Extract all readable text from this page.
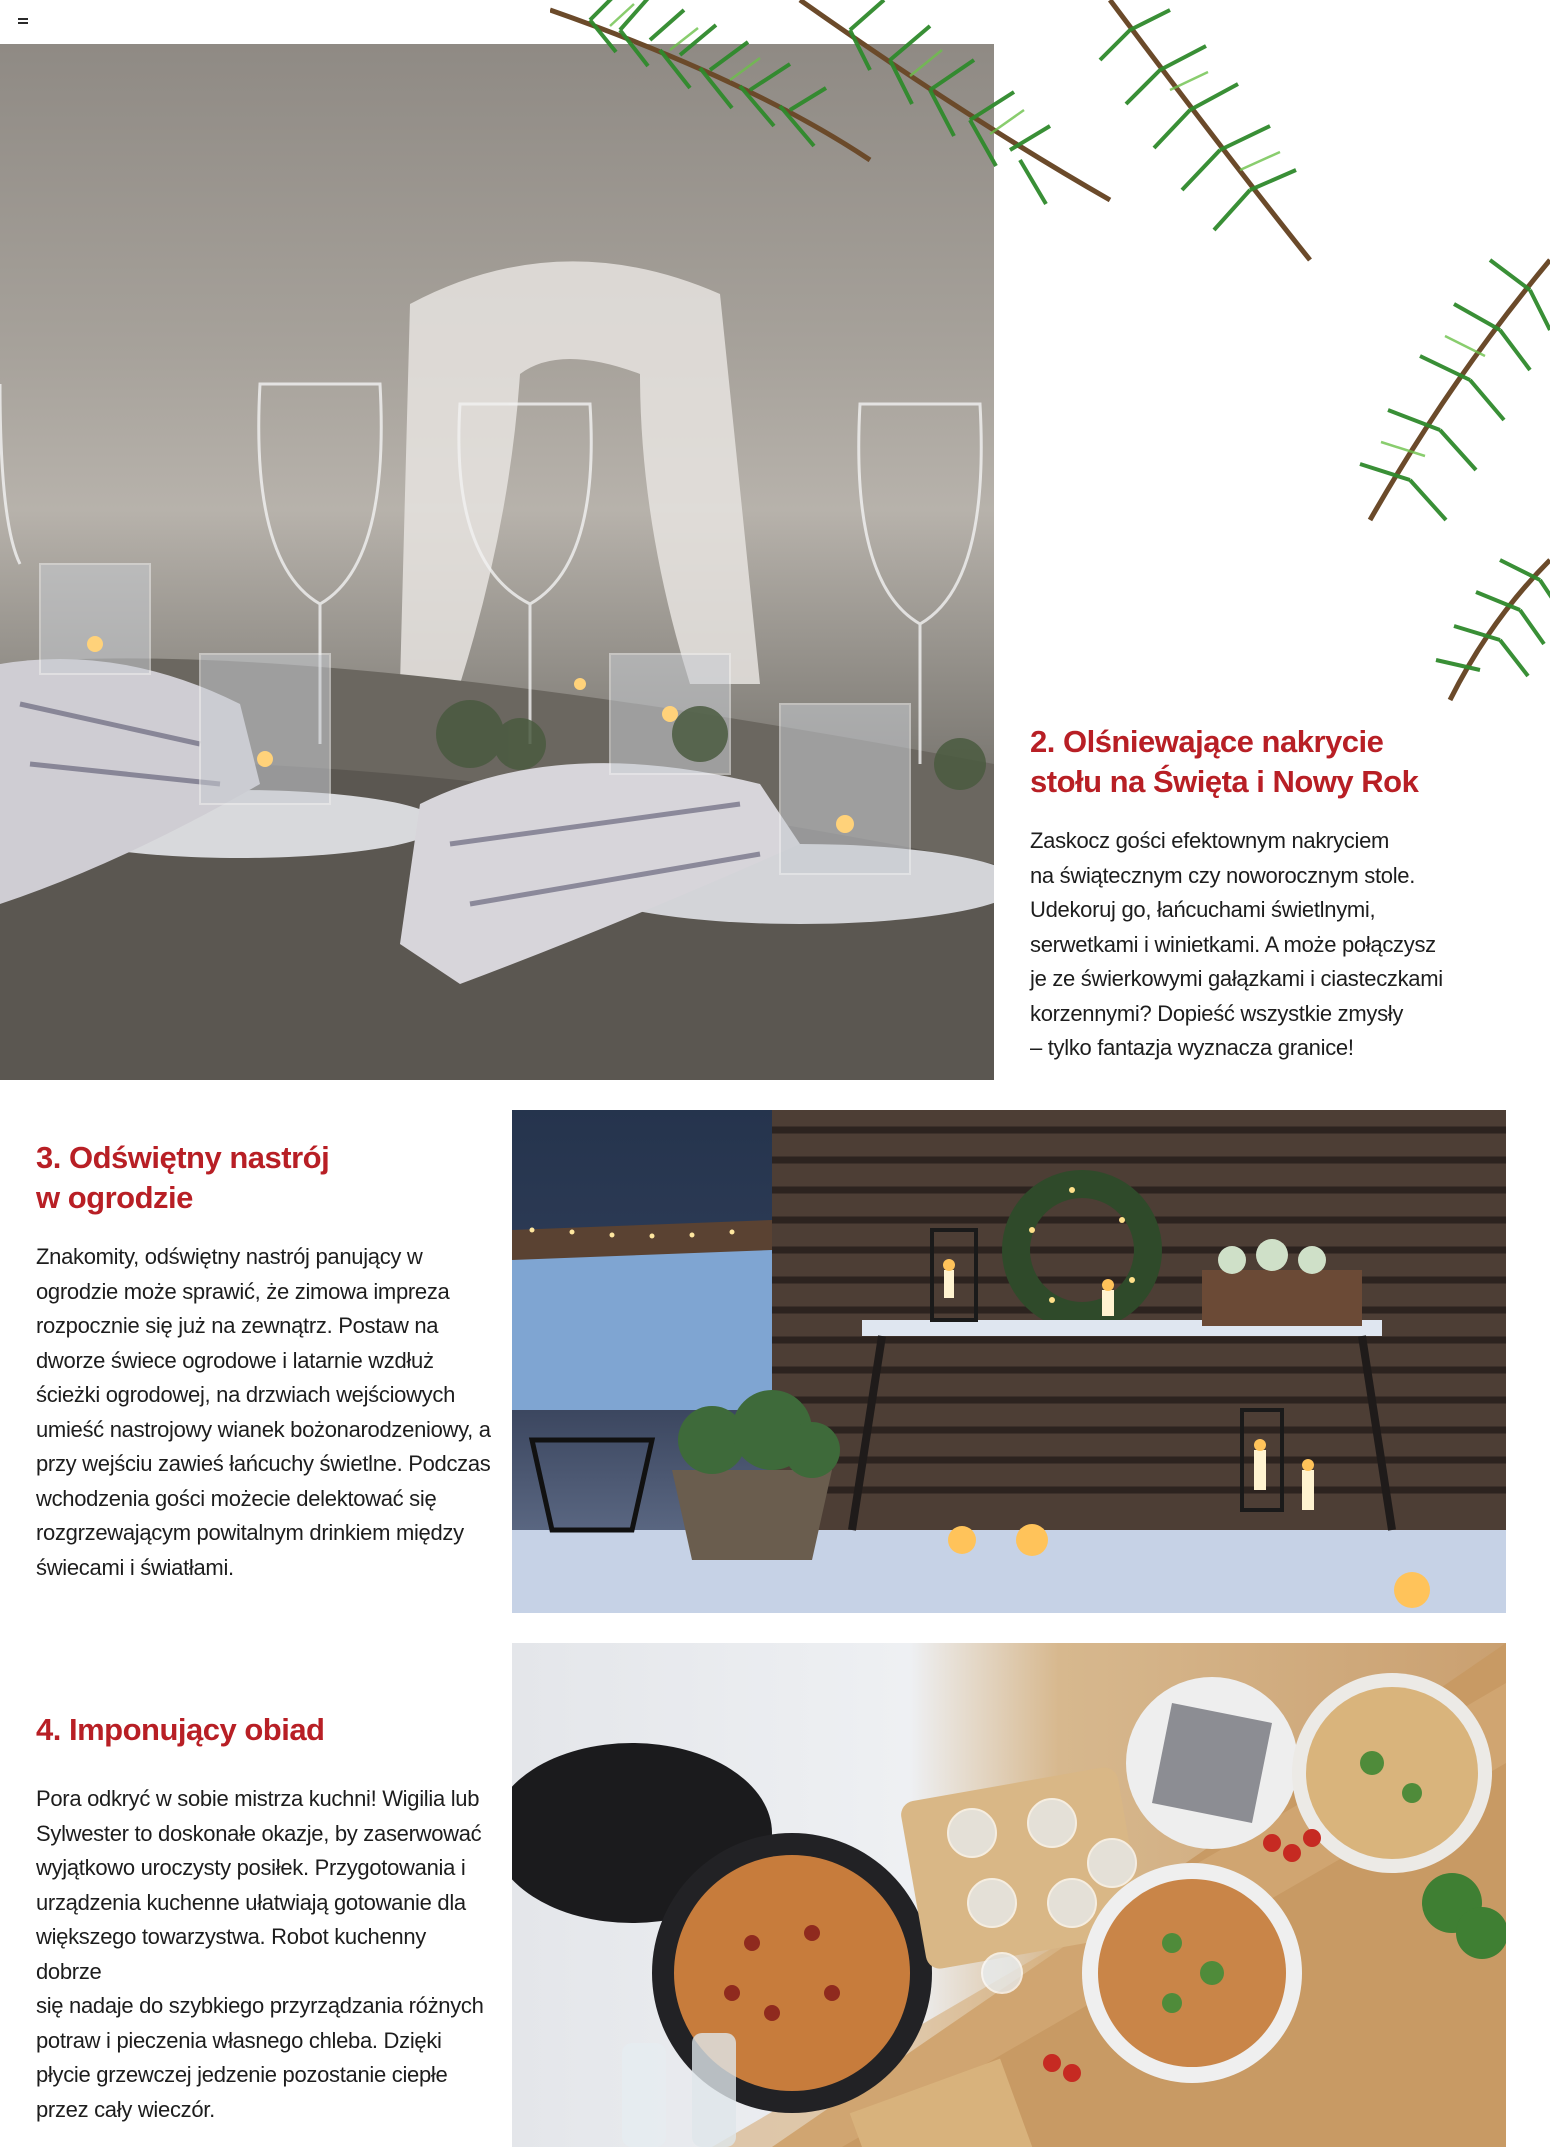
2. Olśniewające nakrycie
stołu na Święta i Nowy Rok
Zaskocz gości efektownym nakryciem
na świątecznym czy noworocznym stole.
Udekoruj go, łańcuchami świetlnymi,
serwetkami i winietkami. A może połączysz
je ze świerkowymi gałązkami i ciasteczkami
korzennymi? Dopieść wszystkie zmysły
– tylko fantazja wyznacza granice!
3. Odświętny nastrój
w ogrodzie
Znakomity, odświętny nastrój panujący w
ogrodzie może sprawić, że zimowa impreza
rozpocznie się już na zewnątrz. Postaw na
dworze świece ogrodowe i latarnie wzdłuż
ścieżki ogrodowej, na drzwiach wejściowych
umieść nastrojowy wianek bożonarodzeniowy, a
przy wejściu zawieś łańcuchy świetlne. Podczas
wchodzenia gości możecie delektować się
rozgrzewającym powitalnym drinkiem między
świecami i światłami.
4. Imponujący obiad
Pora odkryć w sobie mistrza kuchni! Wigilia lub
Sylwester to doskonałe okazje, by zaserwować
wyjątkowo uroczysty posiłek. Przygotowania i
urządzenia kuchenne ułatwiają gotowanie dla
większego towarzystwa. Robot kuchenny dobrze
się nadaje do szybkiego przyrządzania różnych
potraw i pieczenia własnego chleba. Dzięki
płycie grzewczej jedzenie pozostanie ciepłe
przez cały wieczór.
